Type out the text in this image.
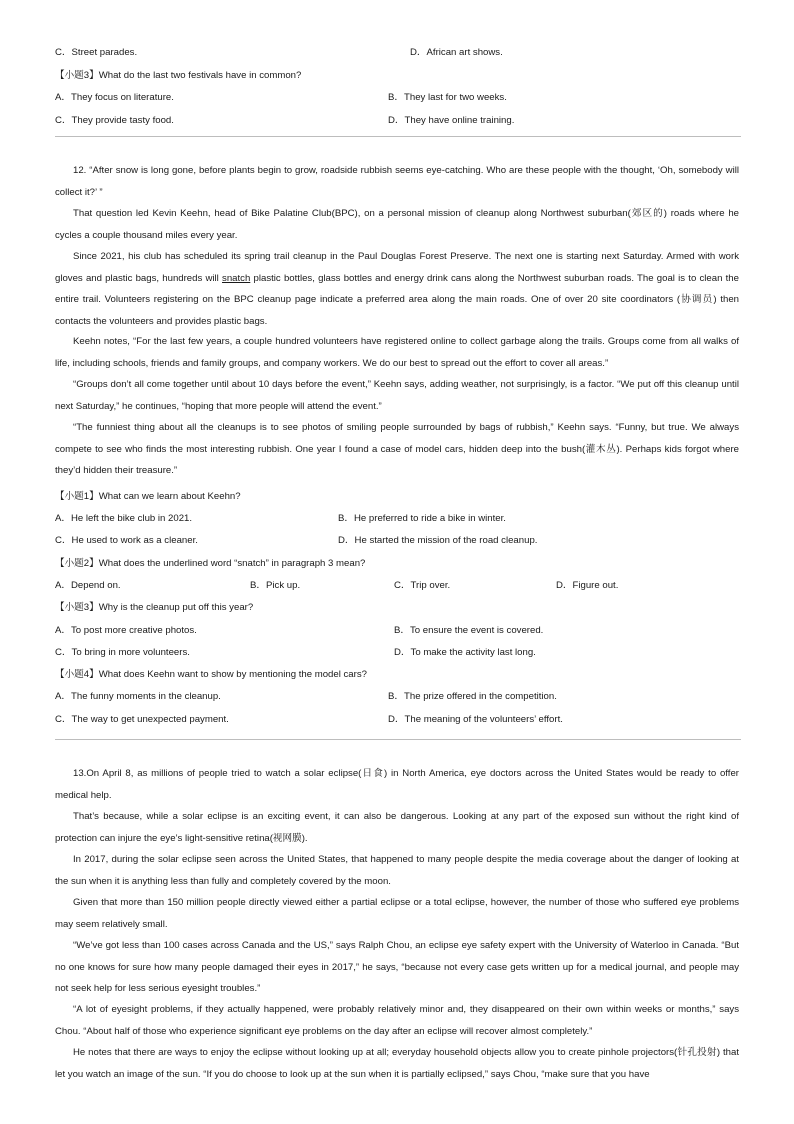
C．Street parades.	D．African art shows.
【小题3】What do the last two festivals have in common?
A．They focus on literature.	B．They last for two weeks.
C．They provide tasty food.	D．They have online training.
12. “After snow is long gone, before plants begin to grow, roadside rubbish seems eye-catching. Who are these people with the thought, ‘Oh, somebody will collect it?’ ”
That question led Kevin Keehn, head of Bike Palatine Club(BPC), on a personal mission of cleanup along Northwest suburban(郊区的) roads where he cycles a couple thousand miles every year.
Since 2021, his club has scheduled its spring trail cleanup in the Paul Douglas Forest Preserve. The next one is starting next Saturday. Armed with work gloves and plastic bags, hundreds will snatch plastic bottles, glass bottles and energy drink cans along the Northwest suburban roads. The goal is to clean the entire trail. Volunteers registering on the BPC cleanup page indicate a preferred area along the main roads. One of over 20 site coordinators (协调员) then contacts the volunteers and provides plastic bags.
Keehn notes, “For the last few years, a couple hundred volunteers have registered online to collect garbage along the trails. Groups come from all walks of life, including schools, friends and family groups, and company workers. We do our best to spread out the effort to cover all areas.”
“Groups don’t all come together until about 10 days before the event,” Keehn says, adding weather, not surprisingly, is a factor. “We put off this cleanup until next Saturday,” he continues, “hoping that more people will attend the event.”
“The funniest thing about all the cleanups is to see photos of smiling people surrounded by bags of rubbish,” Keehn says. “Funny, but true. We always compete to see who finds the most interesting rubbish. One year I found a case of model cars, hidden deep into the bush(灌木丛). Perhaps kids forgot where they’d hidden their treasure.”
【小题1】What can we learn about Keehn?
A．He left the bike club in 2021.	B．He preferred to ride a bike in winter.
C．He used to work as a cleaner.	D．He started the mission of the road cleanup.
【小题2】What does the underlined word “snatch” in paragraph 3 mean?
A．Depend on.	B．Pick up.	C．Trip over.	D．Figure out.
【小题3】Why is the cleanup put off this year?
A．To post more creative photos.	B．To ensure the event is covered.
C．To bring in more volunteers.	D．To make the activity last long.
【小题4】What does Keehn want to show by mentioning the model cars?
A．The funny moments in the cleanup.	B．The prize offered in the competition.
C．The way to get unexpected payment.	D．The meaning of the volunteers’ effort.
13.On April 8, as millions of people tried to watch a solar eclipse(日食) in North America, eye doctors across the United States would be ready to offer medical help.
That’s because, while a solar eclipse is an exciting event, it can also be dangerous. Looking at any part of the exposed sun without the right kind of protection can injure the eye’s light-sensitive retina(视网膜).
In 2017, during the solar eclipse seen across the United States, that happened to many people despite the media coverage about the danger of looking at the sun when it is anything less than fully and completely covered by the moon.
Given that more than 150 million people directly viewed either a partial eclipse or a total eclipse, however, the number of those who suffered eye problems may seem relatively small.
“We’ve got less than 100 cases across Canada and the US,” says Ralph Chou, an eclipse eye safety expert with the University of Waterloo in Canada. “But no one knows for sure how many people damaged their eyes in 2017,” he says, “because not every case gets written up for a medical journal, and people may not seek help for less serious eyesight troubles.”
“A lot of eyesight problems, if they actually happened, were probably relatively minor and, they disappeared on their own within weeks or months,” says Chou. “About half of those who experience significant eye problems on the day after an eclipse will recover almost completely.”
He notes that there are ways to enjoy the eclipse without looking up at all; everyday household objects allow you to create pinhole projectors(针孔投射) that let you watch an image of the sun. “If you do choose to look up at the sun when it is partially eclipsed,” says Chou, “make sure that you have
